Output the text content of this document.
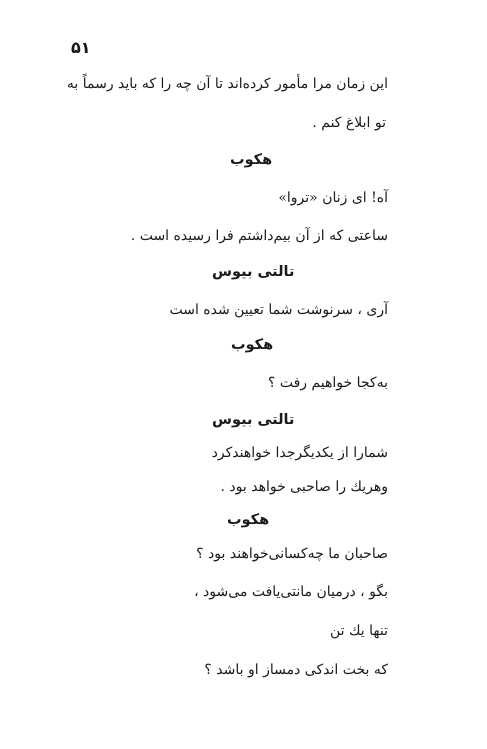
۵۱
این زمان مرا مأمور کرده‌اند تا آن چه را که باید رسماً به
تو ابلاغ کنم .
هکوب
آه! ای زنان «تروا»
ساعتی که از آن بیم‌داشتم فرا رسیده است .
تالتی بیوس
آری ، سرنوشت شما تعیین شده است
هکوب
به‌کجا خواهیم رفت ؟
تالتی بیوس
شمارا از یکدیگرجدا خواهندکرد
وهریك را صاحبی خواهد بود .
هکوب
صاحبان ما چه‌کسانی‌خواهند بود ؟
بگو ، درمیان ما‌نتی‌یافت می‌شود ،
تنها یك تن
که بخت اندکی دمساز او باشد ؟
